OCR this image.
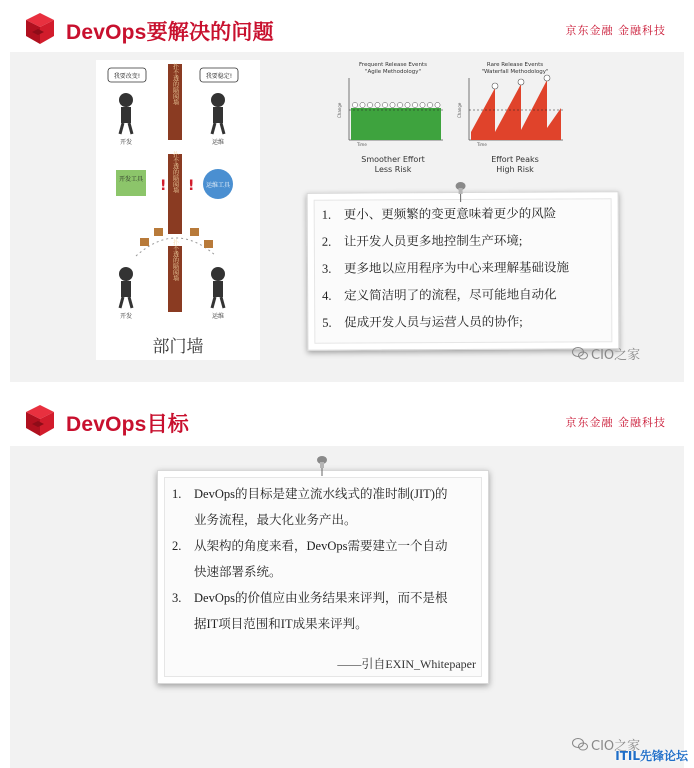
DevOps要解决的问题	京东金融 金融科技
我要改变!	我要稳定!
开发	运维
扑不透的隔阂墙
扑不透的隔阂墙
扑不透的隔阂墙
开发工具
运维工具
! !
开发	运维
部门墙
Frequent Release Events
"Agile Methodology"
Change
Time
Smoother Effort
Less Risk
Rare Release Events
"Waterfall Methodology"
Change
Time
Effort Peaks
High Risk
1. 更小、更频繁的变更意味着更少的风险
2. 让开发人员更多地控制生产环境;
3. 更多地以应用程序为中心来理解基础设施
4. 定义简洁明了的流程，尽可能地自动化
5. 促成开发人员与运营人员的协作;
CIO之家
DevOps目标	京东金融 金融科技
1. DevOps的目标是建立流水线式的准时制(JIT)的
业务流程，最大化业务产出。
2. 从架构的角度来看，DevOps需要建立一个自动
快速部署系统。
3. DevOps的价值应由业务结果来评判，而不是根
据IT项目范围和IT成果来评判。
——引自EXIN_Whitepaper
CIO之家
ITIL先锋论坛
